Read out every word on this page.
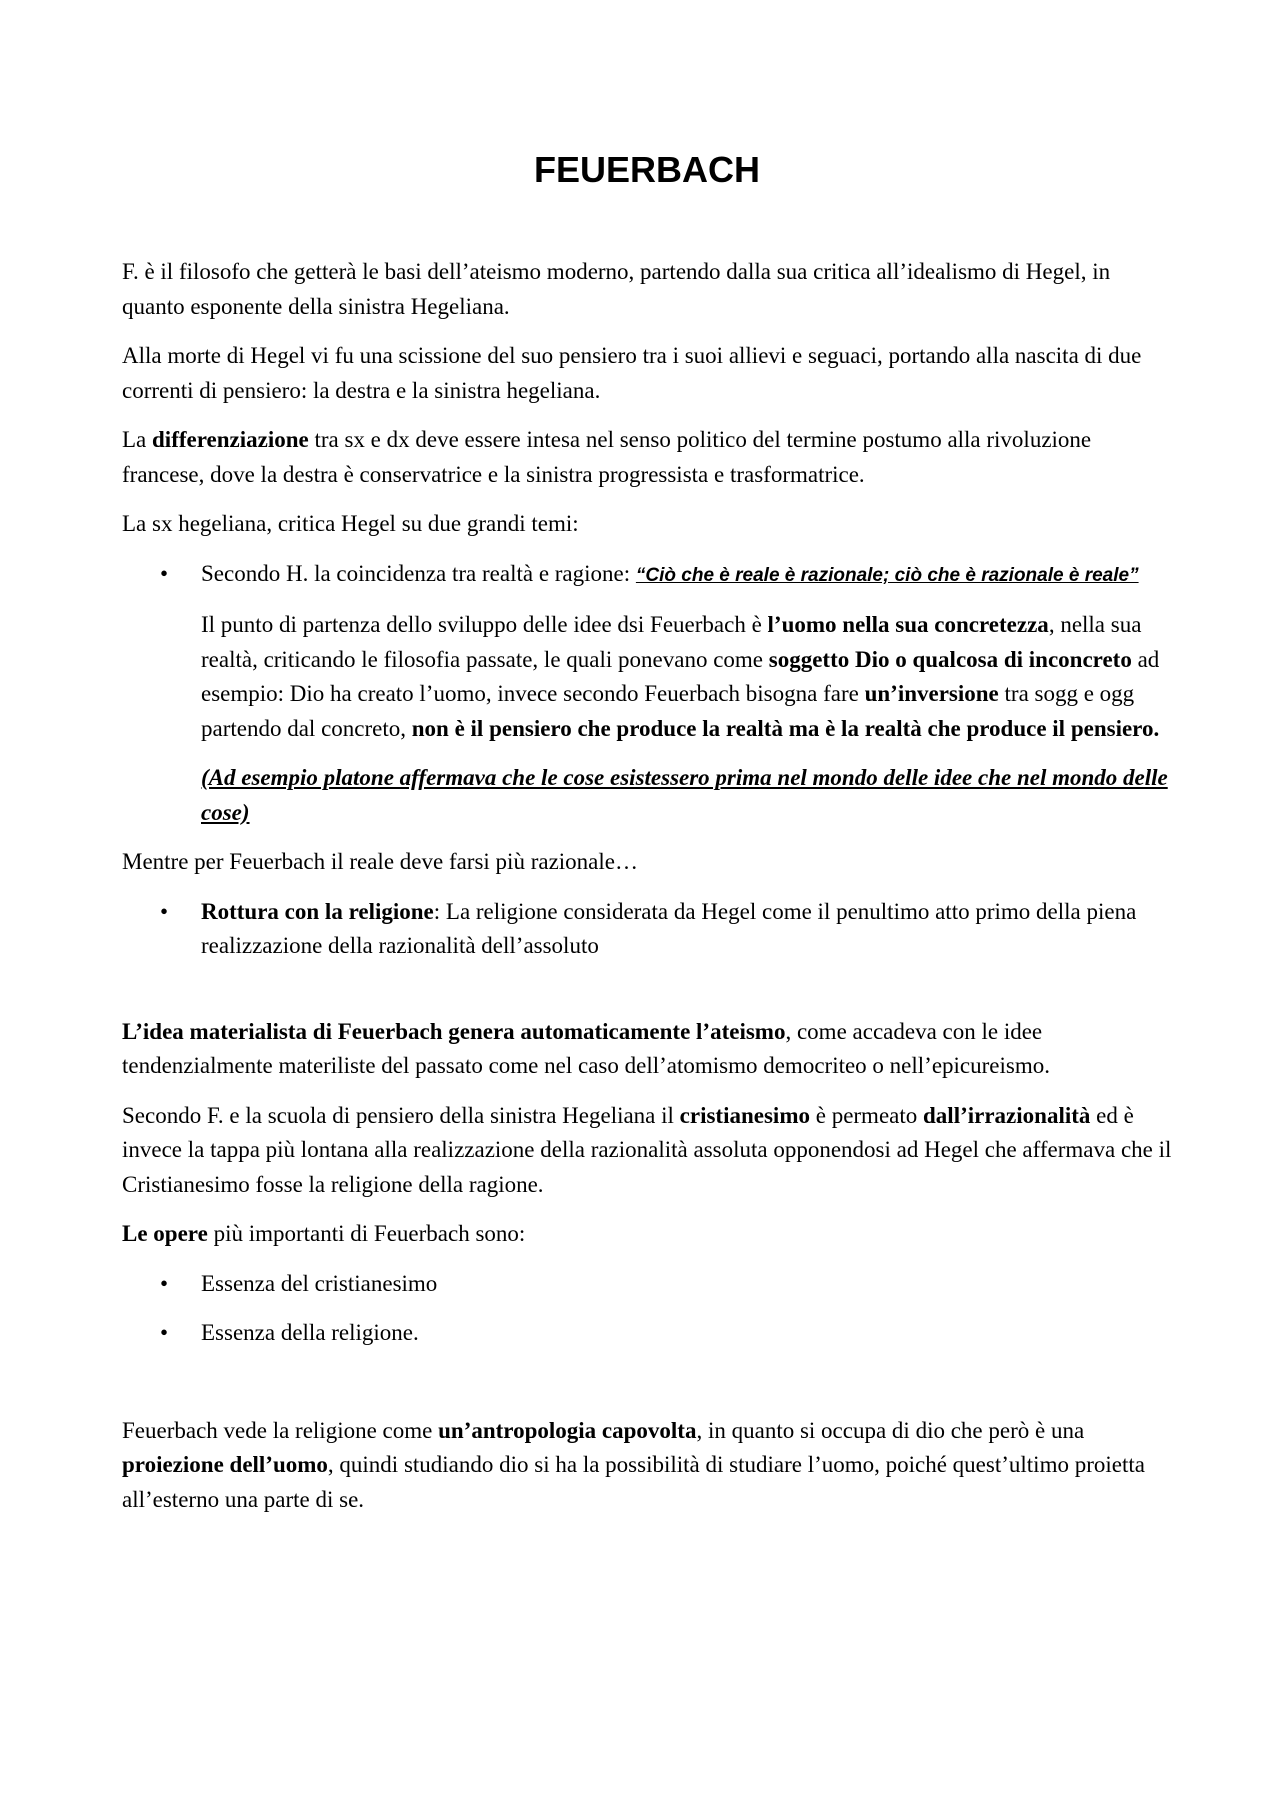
FEUERBACH

F. è il filosofo che getterà le basi dell’ateismo moderno, partendo dalla sua critica all’idealismo di Hegel, in quanto esponente della sinistra Hegeliana.

Alla morte di Hegel vi fu una scissione del suo pensiero tra i suoi allievi e seguaci, portando alla nascita di due correnti di pensiero: la destra e la sinistra hegeliana.

La differenziazione tra sx e dx deve essere intesa nel senso politico del termine postumo alla rivoluzione francese, dove la destra è conservatrice e la sinistra progressista e trasformatrice.

La sx hegeliana, critica Hegel su due grandi temi:

• Secondo H. la coincidenza tra realtà e ragione: “Ciò che è reale è razionale; ciò che è razionale è reale”

Il punto di partenza dello sviluppo delle idee dsi Feuerbach è l’uomo nella sua concretezza, nella sua realtà, criticando le filosofia passate, le quali ponevano come soggetto Dio o qualcosa di inconcreto ad esempio: Dio ha creato l’uomo, invece secondo Feuerbach bisogna fare un’inversione tra sogg e ogg partendo dal concreto, non è il pensiero che produce la realtà ma è la realtà che produce il pensiero.

(Ad esempio platone affermava che le cose esistessero prima nel mondo delle idee che nel mondo delle cose)

Mentre per Feuerbach il reale deve farsi più razionale…

• Rottura con la religione: La religione considerata da Hegel come il penultimo atto primo della piena realizzazione della razionalità dell’assoluto

L’idea materialista di Feuerbach genera automaticamente l’ateismo, come accadeva con le idee tendenzialmente materiliste del passato come nel caso dell’atomismo democriteo o nell’epicureismo.

Secondo F. e la scuola di pensiero della sinistra Hegeliana il cristianesimo è permeato dall’irrazionalità ed è invece la tappa più lontana alla realizzazione della razionalità assoluta opponendosi ad Hegel che affermava che il Cristianesimo fosse la religione della ragione.

Le opere più importanti di Feuerbach sono:

• Essenza del cristianesimo
• Essenza della religione.

Feuerbach vede la religione come un’antropologia capovolta, in quanto si occupa di dio che però è una proiezione dell’uomo, quindi studiando dio si ha la possibilità di studiare l’uomo, poiché quest’ultimo proietta all’esterno una parte di se.
